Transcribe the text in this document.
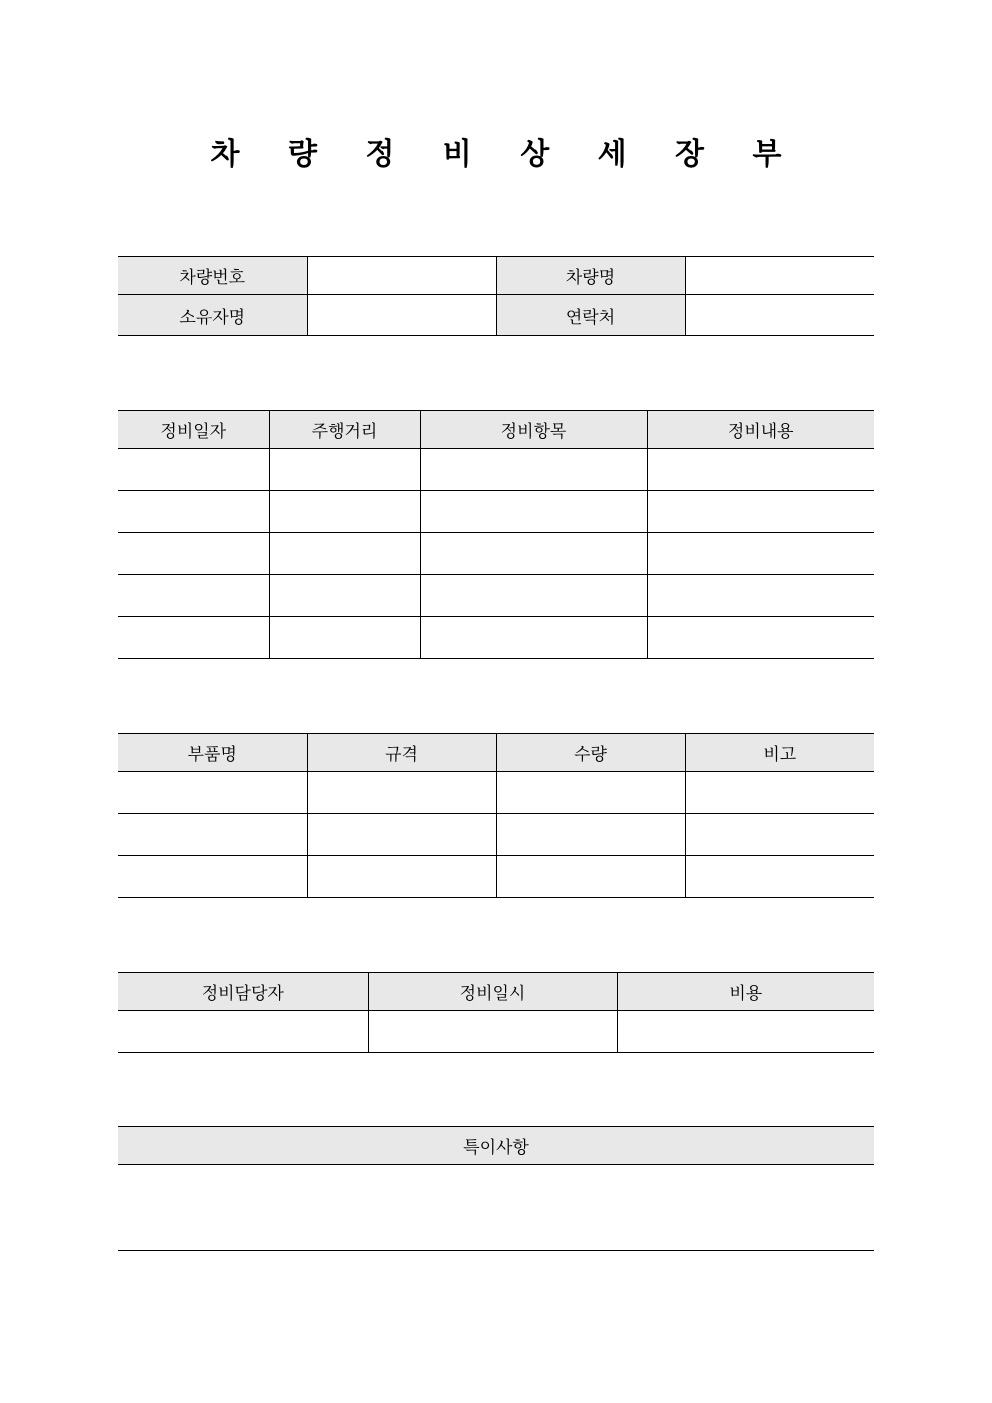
차 량 정 비 상 세 장 부
차량번호		차량명	
소유자명		연락처	
정비일자	주행거리	정비항목	정비내용

부품명	규격	수량	비고

정비담당자	정비일시	비용

특이사항
